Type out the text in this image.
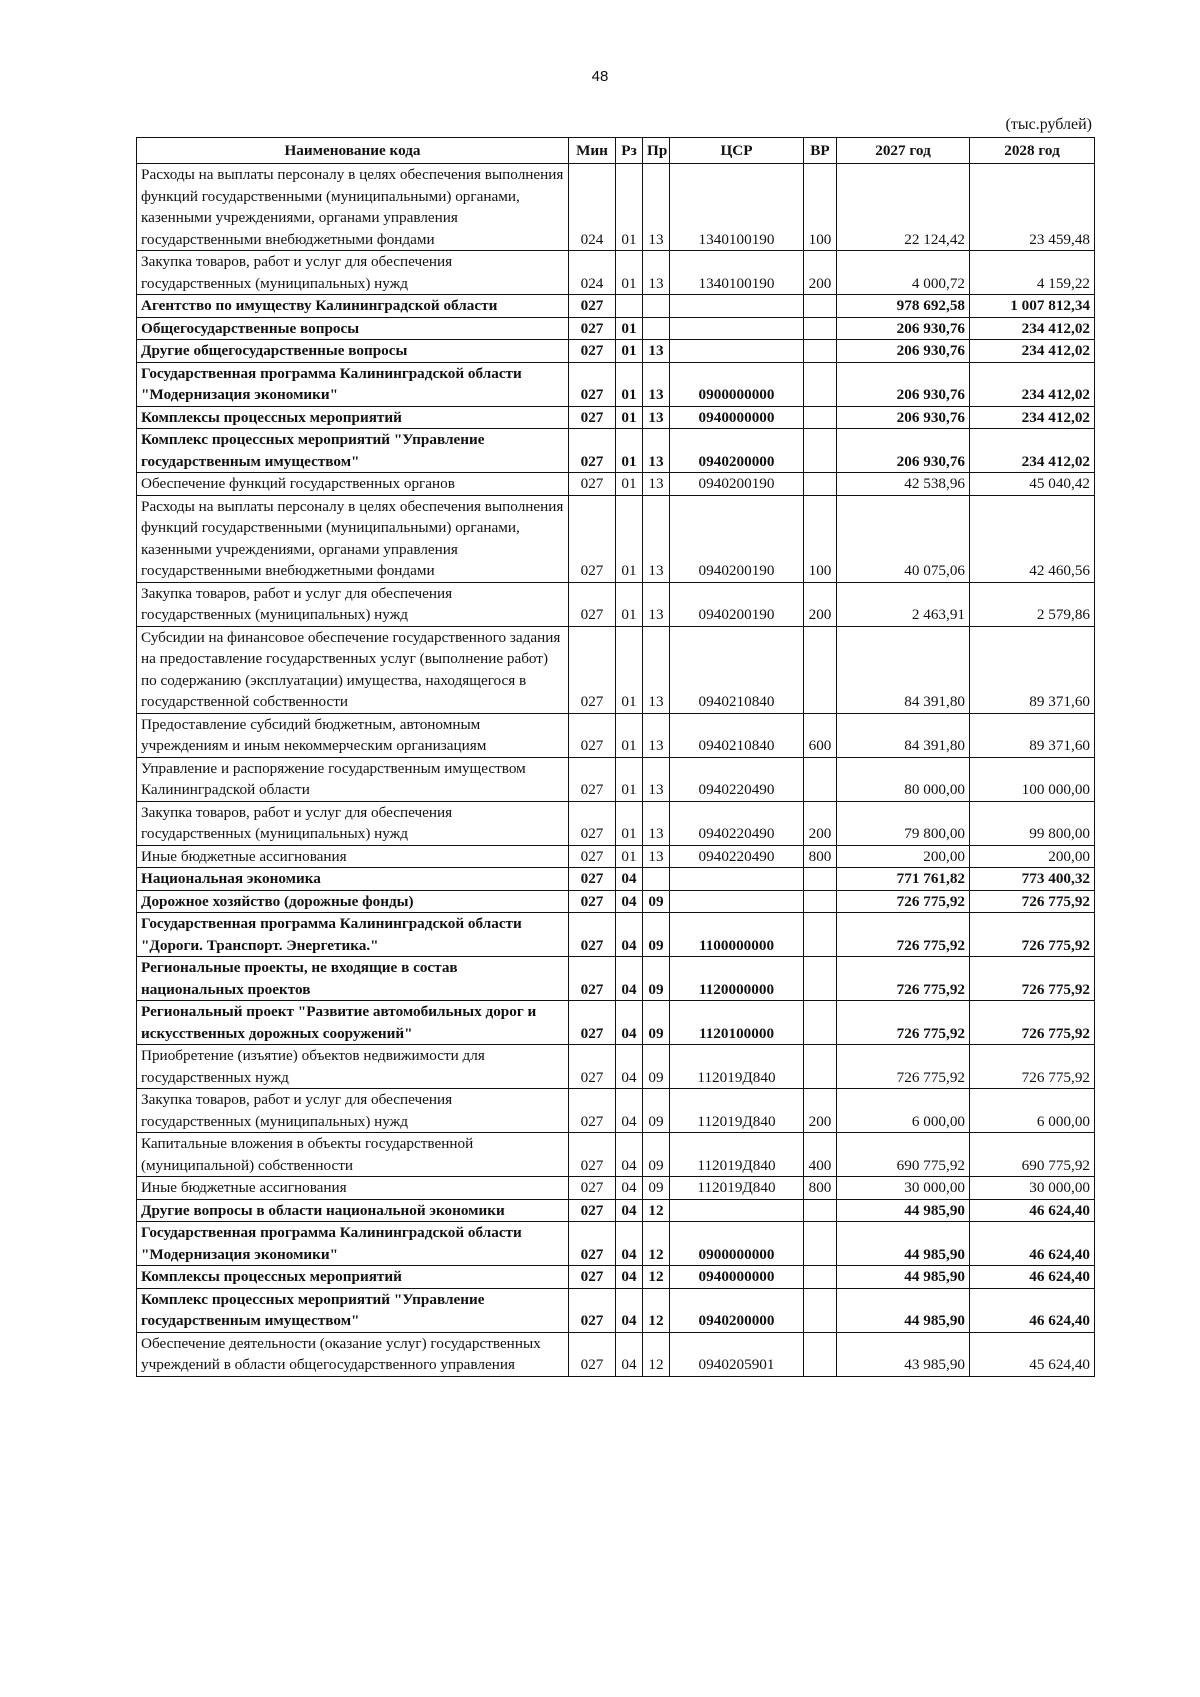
48
(тыс.рублей)
Наименование кода	Мин	Рз	Пр	ЦСР	ВР	2027 год	2028 год
Расходы на выплаты персоналу в целях обеспечения выполнения функций государственными (муниципальными) органами, казенными учреждениями, органами управления государственными внебюджетными фондами	024	01	13	1340100190	100	22 124,42	23 459,48
Закупка товаров, работ и услуг для обеспечения государственных (муниципальных) нужд	024	01	13	1340100190	200	4 000,72	4 159,22
Агентство по имуществу Калининградской области	027					978 692,58	1 007 812,34
Общегосударственные вопросы	027	01				206 930,76	234 412,02
Другие общегосударственные вопросы	027	01	13			206 930,76	234 412,02
Государственная программа Калининградской области "Модернизация экономики"	027	01	13	0900000000		206 930,76	234 412,02
Комплексы процессных мероприятий	027	01	13	0940000000		206 930,76	234 412,02
Комплекс процессных мероприятий "Управление государственным имуществом"	027	01	13	0940200000		206 930,76	234 412,02
Обеспечение функций государственных органов	027	01	13	0940200190		42 538,96	45 040,42
Расходы на выплаты персоналу в целях обеспечения выполнения функций государственными (муниципальными) органами, казенными учреждениями, органами управления государственными внебюджетными фондами	027	01	13	0940200190	100	40 075,06	42 460,56
Закупка товаров, работ и услуг для обеспечения государственных (муниципальных) нужд	027	01	13	0940200190	200	2 463,91	2 579,86
Субсидии на финансовое обеспечение государственного задания на предоставление государственных услуг (выполнение работ) по содержанию (эксплуатации) имущества, находящегося в государственной собственности	027	01	13	0940210840		84 391,80	89 371,60
Предоставление субсидий бюджетным, автономным учреждениям и иным некоммерческим организациям	027	01	13	0940210840	600	84 391,80	89 371,60
Управление и распоряжение государственным имуществом Калининградской области	027	01	13	0940220490		80 000,00	100 000,00
Закупка товаров, работ и услуг для обеспечения государственных (муниципальных) нужд	027	01	13	0940220490	200	79 800,00	99 800,00
Иные бюджетные ассигнования	027	01	13	0940220490	800	200,00	200,00
Национальная экономика	027	04				771 761,82	773 400,32
Дорожное хозяйство (дорожные фонды)	027	04	09			726 775,92	726 775,92
Государственная программа Калининградской области "Дороги. Транспорт. Энергетика."	027	04	09	1100000000		726 775,92	726 775,92
Региональные проекты, не входящие в состав национальных проектов	027	04	09	1120000000		726 775,92	726 775,92
Региональный проект "Развитие автомобильных дорог и искусственных дорожных сооружений"	027	04	09	1120100000		726 775,92	726 775,92
Приобретение (изъятие) объектов недвижимости для государственных нужд	027	04	09	112019Д840		726 775,92	726 775,92
Закупка товаров, работ и услуг для обеспечения государственных (муниципальных) нужд	027	04	09	112019Д840	200	6 000,00	6 000,00
Капитальные вложения в объекты государственной (муниципальной) собственности	027	04	09	112019Д840	400	690 775,92	690 775,92
Иные бюджетные ассигнования	027	04	09	112019Д840	800	30 000,00	30 000,00
Другие вопросы в области национальной экономики	027	04	12			44 985,90	46 624,40
Государственная программа Калининградской области "Модернизация экономики"	027	04	12	0900000000		44 985,90	46 624,40
Комплексы процессных мероприятий	027	04	12	0940000000		44 985,90	46 624,40
Комплекс процессных мероприятий "Управление государственным имуществом"	027	04	12	0940200000		44 985,90	46 624,40
Обеспечение деятельности (оказание услуг) государственных учреждений в области общегосударственного управления	027	04	12	0940205901		43 985,90	45 624,40
